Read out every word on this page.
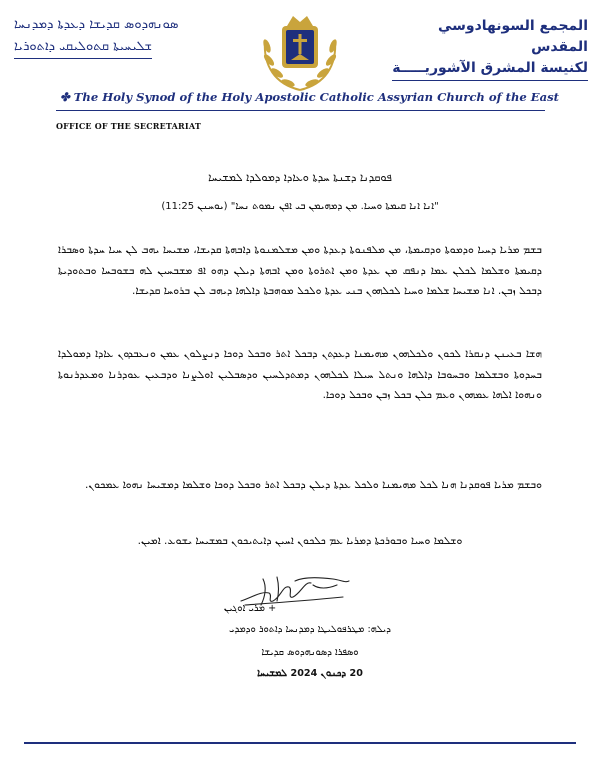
ܣܘܢܗܕܘܣ ܩܕܝܫܐ ܕܥܕܬܐ ܕܡܕܢܚܐ
ܫܠܝܚܝܬܐ ܩܬܘܠܝܩܝ ܕܐܬܘܪܝܐ
المجمع السونهادوسي المقدس
لكنيسة المشرق الآشوريـــــة
✤ The Holy Synod of the Holy Apostolic Catholic Assyrian Church of the East
OFFICE OF THE SECRETARIAT
ܦܘܩܕܢܐ ܕܫܢܬܐ ܚܕܬܐ ܘܥܐܕܐ ܕܡܘܠܕܐ ܠܡܫܝܚܐ
"ܐܢܐ ܐܢܐ ܩܝܡܬܐ ܘܚܝܐ. ܡܢ ܕܡܗܝܡܢ ܒܝ ܐܦܢ ܢܡܘܬ ܢܚܐ" (ܝܘܚܢܢ 11:25)
ܒܫܡ ܡܪܝܐ ܕܚܝܐ ܘܕܡܘܬܐ ܘܕܩܝܡܬܐ، ܡܢ ܡܠܦܢܘܬܐ ܕܥܕܬܐ ܘܡܢ ܡܫܠܡܢܘܬܐ ܕܐܒܗܬܐ ܩܕܝܫܐ، ܡܫܝܚܐ ܝܗܒ ܠܢ ܚܝܐ ܚܕܬܐ ܘܣܒܪܐ ܕܩܝܡܬܐ ܘܫܠܡܐ ܠܟܠܢ ܥܡܐ ܕܢܦܩ ܡܢ ܥܕܬܐ ܘܡܢ ܐܬܪܘܬܐ ܘܡܢ ܐܒܗܬܐ ܕܝܠܢ ܕܗܘ ܐܦ ܡܫܒܚܝܢ ܠܗ ܒܫܘܒܚܐ ܘܒܬܘܕܝܬܐ ܕܒܟܠ ܙܒܢ. ܐܢܐ ܡܫܝܚܐ ܫܠܡܐ ܘܚܝܐ ܠܟܠܗܘܢ ܒܢܝ ܥܕܬܐ ܘܠܟܠ ܡܘܗܒܬܐ ܕܐܠܗܐ ܕܝܗܒ ܠܢ ܒܪܘܚܐ ܩܕܝܫܐ.
ܗܫܐ ܒܥܝܢܢ ܕܢܩܪܐ ܠܟܘܢ ܘܠܟܠܗܘܢ ܡܗܝܡܢܐ ܕܥܕܬܢ ܕܒܟܠ ܐܬܪ ܘܒܟܠ ܕܘܟܐ ܕܢܨܠܘܢ ܥܡܢ ܘܢܥܒܕܘܢ ܥܐܕܐ ܕܡܘܠܕܐ ܒܚܕܘܬܐ ܘܒܫܠܡܐ ܘܒܚܘܒܐ ܕܐܠܗܐ ܘܢܬܠ ܚܝܠܐ ܠܟܠܗܘܢ ܕܡܬܕܠܚܝܢ ܘܕܣܒܠܝܢ ܐܘܠܨܢܐ ܘܕܒܥܝܢ ܥܘܕܪܢܐ ܘܡܥܕܪܢܘܬܐ ܘܢܗܘܐ ܐܠܗܐ ܥܡܗܘܢ ܘܥܡ ܟܠܢ ܒܟܠ ܙܒܢ ܘܒܟܠ ܕܘܟܐ.
ܘܒܫܡ ܡܪܝܐ ܦܘܩܕܢܐ ܗܢܐ ܠܟܠ ܡܗܝܡܢܐ ܘܠܟܠ ܥܕܬܐ ܕܝܠܢ ܕܒܟܠ ܐܬܪ ܘܒܟܠ ܕܘܟܐ ܘܫܠܡܐ ܕܡܫܝܚܐ ܢܗܘܐ ܥܡܟܘܢ.
ܘܫܠܡܐ ܘܚܝܐ ܘܒܘܪܟܬܐ ܕܡܪܝܐ ܥܡ ܟܠܟܘܢ ܐܚܝܢ ܕܐܝܬܝܟܘܢ ܒܡܫܝܚܐ ܝܫܘܥ. ܐܡܝܢ.
+ ܡܪܝ ܐܘܓܝܢ
ܕܝܠܗ: ܡܛܪܦܘܠܝܛܐ ܕܡܕܢܚܐ ܕܐܬܘܪ ܘܕܡܕܝ
ܘܣܦܪܐ ܕܣܘܢܗܕܘܣ ܩܕܝܫܐ
20 ܕܟܢܘܢ 2024 ܠܡܫܝܚܐ
